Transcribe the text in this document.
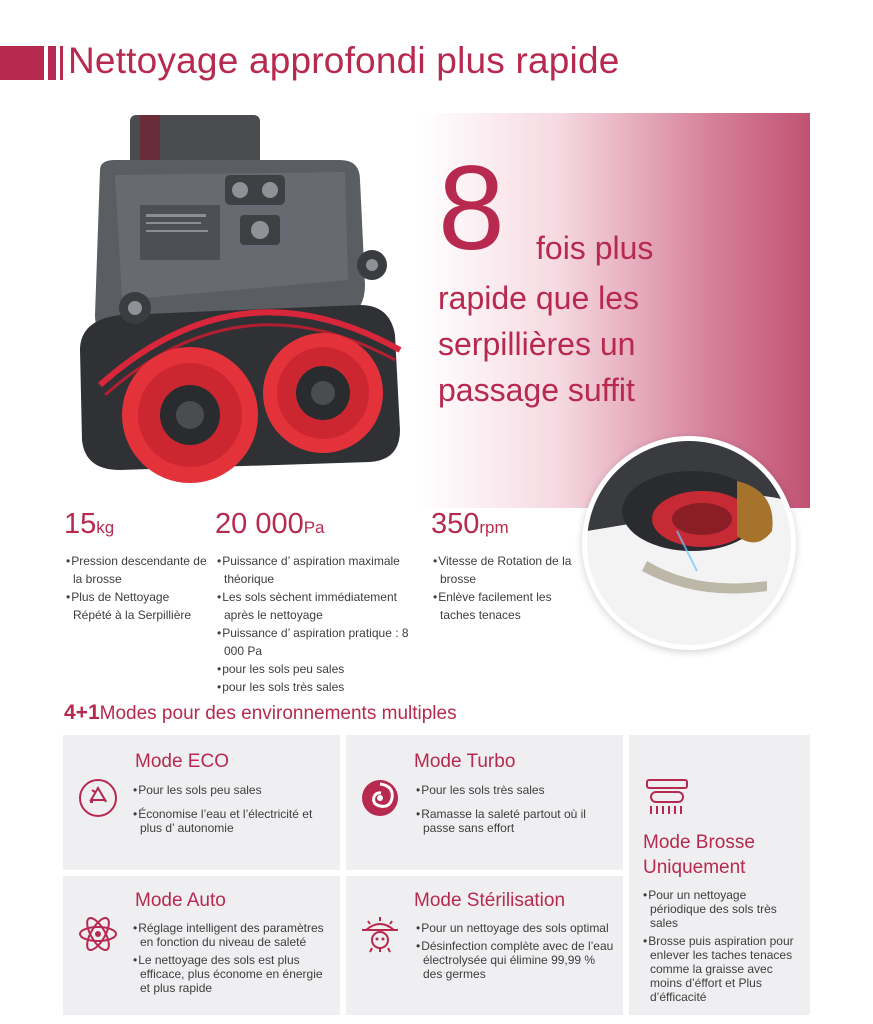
Nettoyage approfondi plus rapide
8 fois plus
rapide que les
serpillières un
passage suffit
15kg
• Pression descendante de la brosse
• Plus de Nettoyage Répété à la Serpillière
20 000Pa
• Puissance d’ aspiration maximale théorique
• Les sols sèchent immédiatement après le nettoyage
• Puissance d’ aspiration pratique : 8 000 Pa
• pour les sols peu sales
• pour les sols très sales
350rpm
• Vitesse de Rotation de la brosse
• Enlève facilement les taches tenaces
4+1Modes pour des environnements multiples
Mode ECO
• Pour les sols peu sales
• Économise l’eau et l’électricité et plus d’ autonomie
Mode Turbo
• Pour les sols très sales
• Ramasse la saleté partout où il passe sans effort
Mode Brosse
Uniquement
• Pour un nettoyage périodique des sols très sales
• Brosse puis aspiration pour enlever les taches tenaces comme la graisse avec moins d’éffort et Plus d’éfficacité
Mode Auto
• Réglage intelligent des paramètres en fonction du niveau de saleté
• Le nettoyage des sols est plus efficace, plus économe en énergie et plus rapide
Mode Stérilisation
• Pour un nettoyage des sols optimal
• Désinfection complète avec de l’eau électrolysée qui élimine 99,99 % des germes
